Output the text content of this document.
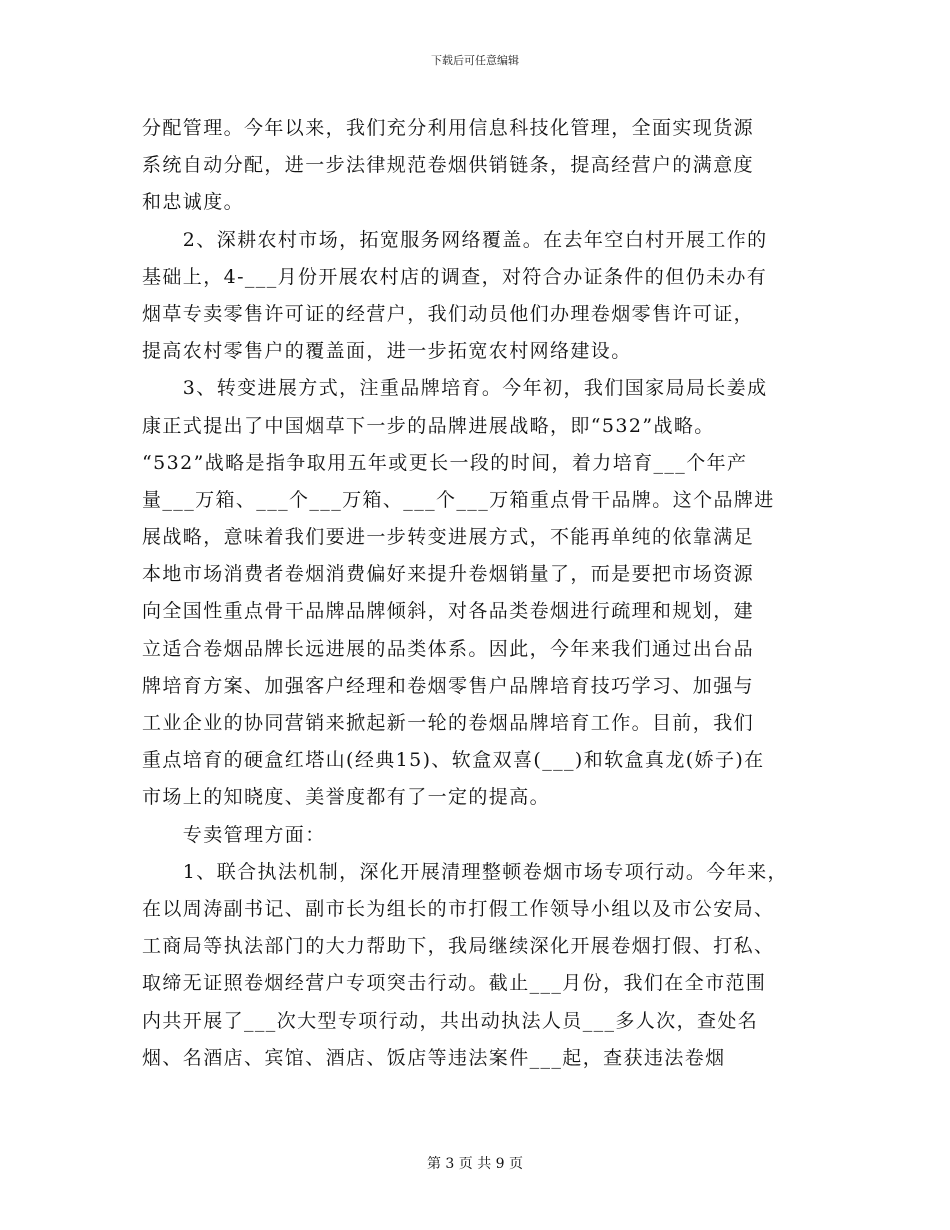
下载后可任意编辑
分配管理。今年以来，我们充分利用信息科技化管理，全面实现货源
系统自动分配，进一步法律规范卷烟供销链条，提高经营户的满意度
和忠诚度。
　　2、深耕农村市场，拓宽服务网络覆盖。在去年空白村开展工作的
基础上，4-___月份开展农村店的调查，对符合办证条件的但仍未办有
烟草专卖零售许可证的经营户，我们动员他们办理卷烟零售许可证，
提高农村零售户的覆盖面，进一步拓宽农村网络建设。
　　3、转变进展方式，注重品牌培育。今年初，我们国家局局长姜成
康正式提出了中国烟草下一步的品牌进展战略，即“532”战略。
“532”战略是指争取用五年或更长一段的时间，着力培育___个年产
量___万箱、___个___万箱、___个___万箱重点骨干品牌。这个品牌进
展战略，意味着我们要进一步转变进展方式，不能再单纯的依靠满足
本地市场消费者卷烟消费偏好来提升卷烟销量了，而是要把市场资源
向全国性重点骨干品牌品牌倾斜，对各品类卷烟进行疏理和规划，建
立适合卷烟品牌长远进展的品类体系。因此，今年来我们通过出台品
牌培育方案、加强客户经理和卷烟零售户品牌培育技巧学习、加强与
工业企业的协同营销来掀起新一轮的卷烟品牌培育工作。目前，我们
重点培育的硬盒红塔山(经典15)、软盒双喜(___)和软盒真龙(娇子)在
市场上的知晓度、美誉度都有了一定的提高。
　　专卖管理方面：
　　1、联合执法机制，深化开展清理整顿卷烟市场专项行动。今年来，
在以周涛副书记、副市长为组长的市打假工作领导小组以及市公安局、
工商局等执法部门的大力帮助下，我局继续深化开展卷烟打假、打私、
取缔无证照卷烟经营户专项突击行动。截止___月份，我们在全市范围
内共开展了___次大型专项行动，共出动执法人员___多人次，查处名
烟、名酒店、宾馆、酒店、饭店等违法案件___起，查获违法卷烟
第 3 页 共 9 页
